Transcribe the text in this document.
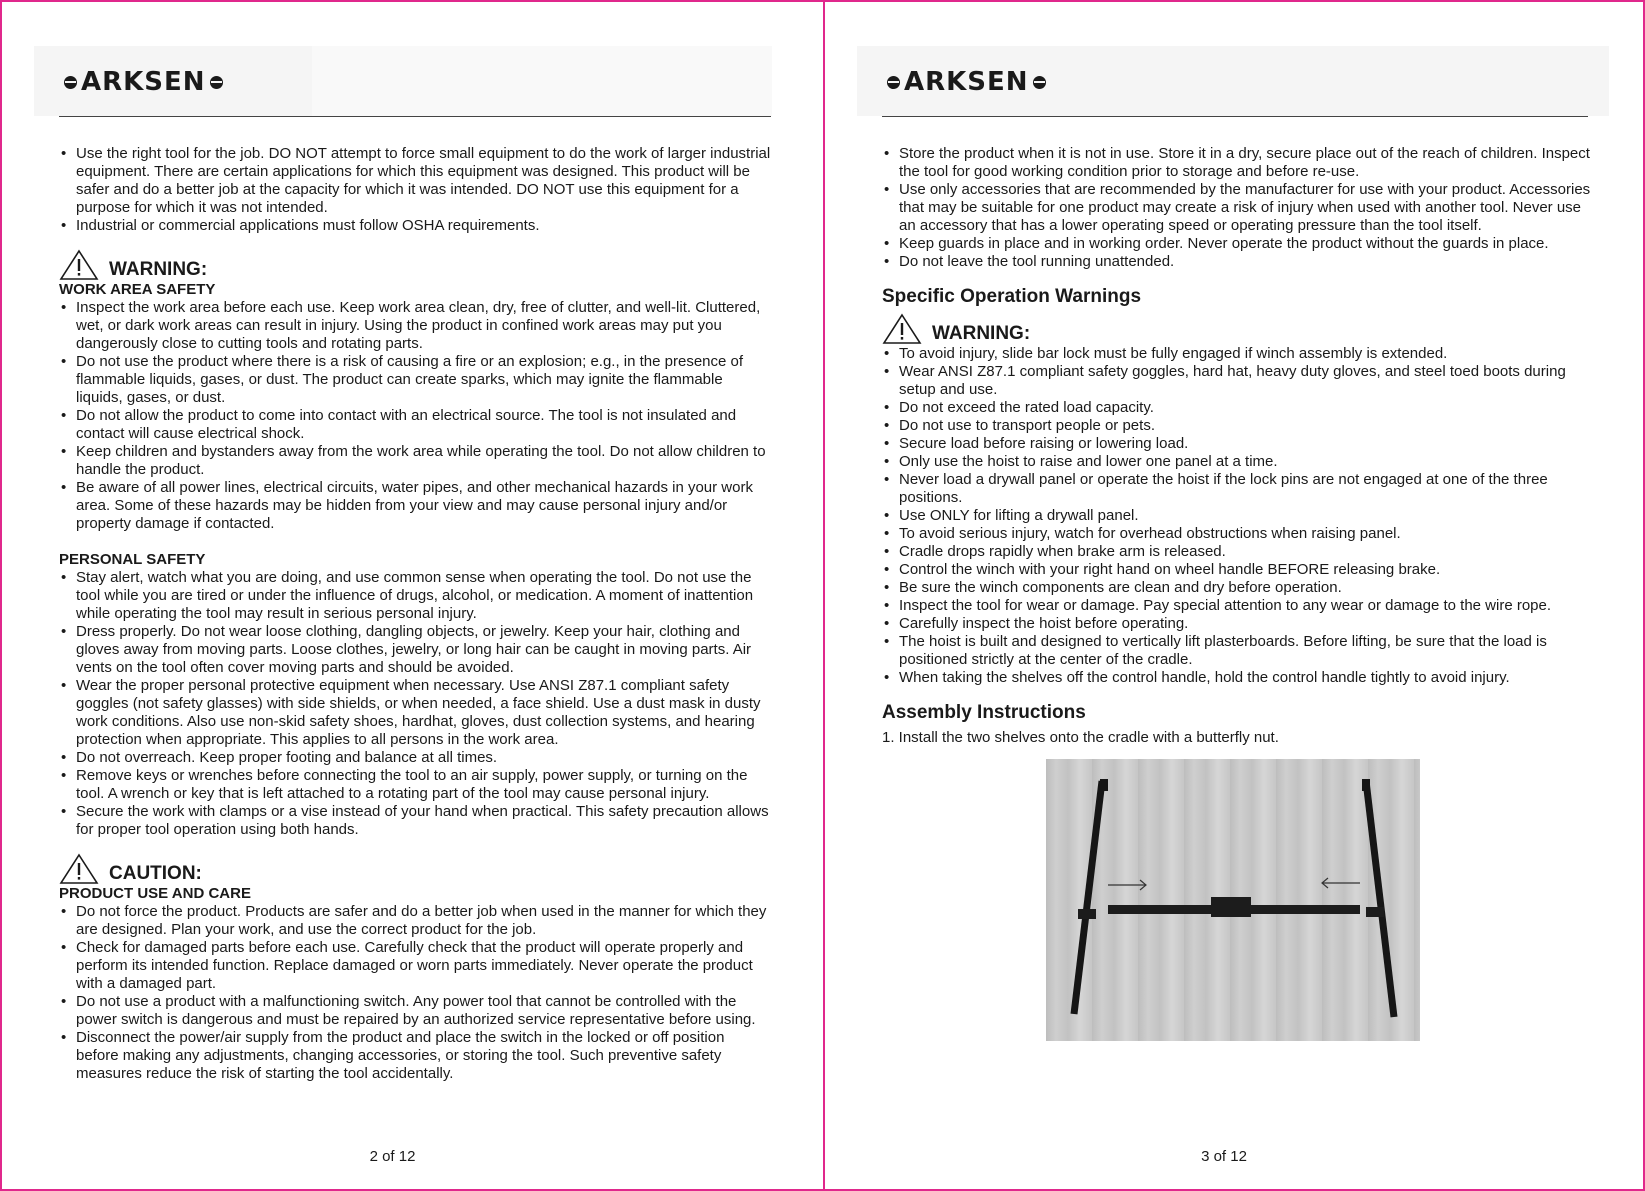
ARKSEN
• Use the right tool for the job. DO NOT attempt to force small equipment to do the work of larger industrial equipment. There are certain applications for which this equipment was designed. This product will be safer and do a better job at the capacity for which it was intended. DO NOT use this equipment for a purpose for which it was not intended.
• Industrial or commercial applications must follow OSHA requirements.
WARNING:

WORK AREA SAFETY

• Inspect the work area before each use. Keep work area clean, dry, free of clutter, and well-lit. Cluttered, wet, or dark work areas can result in injury. Using the product in confined work areas may put you dangerously close to cutting tools and rotating parts.
• Do not use the product where there is a risk of causing a fire or an explosion; e.g., in the presence of flammable liquids, gases, or dust. The product can create sparks, which may ignite the flammable liquids, gases, or dust.
• Do not allow the product to come into contact with an electrical source. The tool is not insulated and contact will cause electrical shock.
• Keep children and bystanders away from the work area while operating the tool. Do not allow children to handle the product.
• Be aware of all power lines, electrical circuits, water pipes, and other mechanical hazards in your work area. Some of these hazards may be hidden from your view and may cause personal injury and/or property damage if contacted.

PERSONAL SAFETY

• Stay alert, watch what you are doing, and use common sense when operating the tool. Do not use the tool while you are tired or under the influence of drugs, alcohol, or medication. A moment of inattention while operating the tool may result in serious personal injury.
• Dress properly. Do not wear loose clothing, dangling objects, or jewelry. Keep your hair, clothing and gloves away from moving parts. Loose clothes, jewelry, or long hair can be caught in moving parts. Air vents on the tool often cover moving parts and should be avoided.
• Wear the proper personal protective equipment when necessary. Use ANSI Z87.1 compliant safety goggles (not safety glasses) with side shields, or when needed, a face shield. Use a dust mask in dusty work conditions. Also use non-skid safety shoes, hardhat, gloves, dust collection systems, and hearing protection when appropriate. This applies to all persons in the work area.
• Do not overreach. Keep proper footing and balance at all times.
• Remove keys or wrenches before connecting the tool to an air supply, power supply, or turning on the tool. A wrench or key that is left attached to a rotating part of the tool may cause personal injury.
• Secure the work with clamps or a vise instead of your hand when practical. This safety precaution allows for proper tool operation using both hands.
CAUTION:

PRODUCT USE AND CARE

• Do not force the product. Products are safer and do a better job when used in the manner for which they are designed. Plan your work, and use the correct product for the job.
• Check for damaged parts before each use. Carefully check that the product will operate properly and perform its intended function. Replace damaged or worn parts immediately. Never operate the product with a damaged part.
• Do not use a product with a malfunctioning switch. Any power tool that cannot be controlled with the power switch is dangerous and must be repaired by an authorized service representative before using.
• Disconnect the power/air supply from the product and place the switch in the locked or off position before making any adjustments, changing accessories, or storing the tool. Such preventive safety measures reduce the risk of starting the tool accidentally.
2 of 12
ARKSEN
• Store the product when it is not in use. Store it in a dry, secure place out of the reach of children. Inspect the tool for good working condition prior to storage and before re-use.
• Use only accessories that are recommended by the manufacturer for use with your product. Accessories that may be suitable for one product may create a risk of injury when used with another tool. Never use an accessory that has a lower operating speed or operating pressure than the tool itself.
• Keep guards in place and in working order. Never operate the product without the guards in place.
• Do not leave the tool running unattended.
Specific Operation Warnings
WARNING:
• To avoid injury, slide bar lock must be fully engaged if winch assembly is extended.
• Wear ANSI Z87.1 compliant safety goggles, hard hat, heavy duty gloves, and steel toed boots during setup and use.
• Do not exceed the rated load capacity.
• Do not use to transport people or pets.
• Secure load before raising or lowering load.
• Only use the hoist to raise and lower one panel at a time.
• Never load a drywall panel or operate the hoist if the lock pins are not engaged at one of the three positions.
• Use ONLY for lifting a drywall panel.
• To avoid serious injury, watch for overhead obstructions when raising panel.
• Cradle drops rapidly when brake arm is released.
• Control the winch with your right hand on wheel handle BEFORE releasing brake.
• Be sure the winch components are clean and dry before operation.
• Inspect the tool for wear or damage. Pay special attention to any wear or damage to the wire rope.
• Carefully inspect the hoist before operating.
• The hoist is built and designed to vertically lift plasterboards. Before lifting, be sure that the load is positioned strictly at the center of the cradle.
• When taking the shelves off the control handle, hold the control handle tightly to avoid injury.
Assembly Instructions

1. Install the two shelves onto the cradle with a butterfly nut.

3 of 12
